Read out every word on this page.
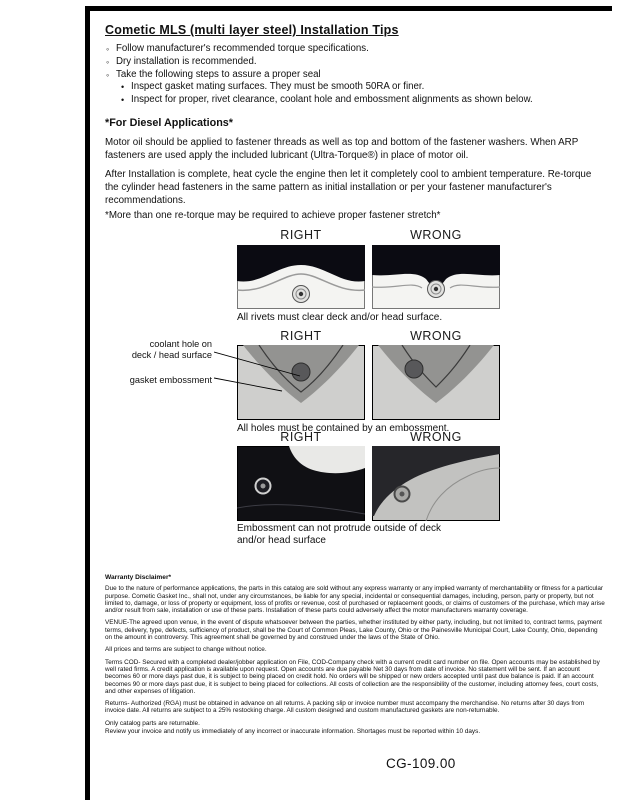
Cometic MLS (multi layer steel) Installation Tips
◦ Follow manufacturer's recommended torque specifications.
◦ Dry installation is recommended.
◦ Take the following steps to assure a proper seal
• Inspect gasket mating surfaces. They must be smooth 50RA or finer.
• Inspect for proper, rivet clearance, coolant hole and embossment alignments as shown below.
*For Diesel Applications*

Motor oil should be applied to fastener threads as well as top and bottom of the fastener washers. When ARP fasteners are used apply the included lubricant (Ultra-Torque®) in place of motor oil.

After Installation is complete, heat cycle the engine then let it completely cool to ambient temperature. Re-torque the cylinder head fasteners in the same pattern as initial installation or per your fastener manufacturer's recommendations.

*More than one re-torque may be required to achieve proper fastener stretch*
RIGHT	WRONG
All rivets must clear deck and/or head surface.
RIGHT	WRONG
coolant hole on
deck / head surface
gasket embossment
All holes must be contained by an embossment.
RIGHT	WRONG
Embossment can not protrude outside of deck and/or head surface
Warranty Disclaimer*

Due to the nature of performance applications, the parts in this catalog are sold without any express warranty or any implied warranty of merchantability or fitness for a particular purpose. Cometic Gasket Inc., shall not, under any circumstances, be liable for any special, incidental or consequential damages, including, person, party or property, but not limited to, damage, or loss of property or equipment, loss of profits or revenue, cost of purchased or replacement goods, or claims of customers of the purchase, which may arise and/or result from sale, installation or use of these parts. Installation of these parts could adversely affect the motor manufacturers warranty coverage.

VENUE-The agreed upon venue, in the event of dispute whatsoever between the parties, whether instituted by either party, including, but not limited to, contract terms, payment terms, delivery, type, defects, sufficiency of product, shall be the Court of Common Pleas, Lake County, Ohio or the Painesville Municipal Court, Lake County, Ohio, depending on the amount in controversy. This agreement shall be governed by and construed under the laws of the State of Ohio.

All prices and terms are subject to change without notice.

Terms COD- Secured with a completed dealer/jobber application on File, COD-Company check with a current credit card number on file. Open accounts may be established by well rated firms. A credit application is available upon request. Open accounts are due payable Net 30 days from date of invoice. No statement will be sent. If an account becomes 60 or more days past due, it is subject to being placed on credit hold. No orders will be shipped or new orders accepted until past due balance is paid. If an account becomes 90 or more days past due, it is subject to being placed for collections. All costs of collection are the responsibility of the customer, including attorney fees, court costs, and other expenses of litigation.

Returns- Authorized (RGA) must be obtained in advance on all returns. A packing slip or invoice number must accompany the merchandise. No returns after 30 days from invoice date. All returns are subject to a 25% restocking charge. All custom designed and custom manufactured gaskets are non-returnable.

Only catalog parts are returnable.

Review your invoice and notify us immediately of any incorrect or inaccurate information. Shortages must be reported within 10 days.

CG-109.00
